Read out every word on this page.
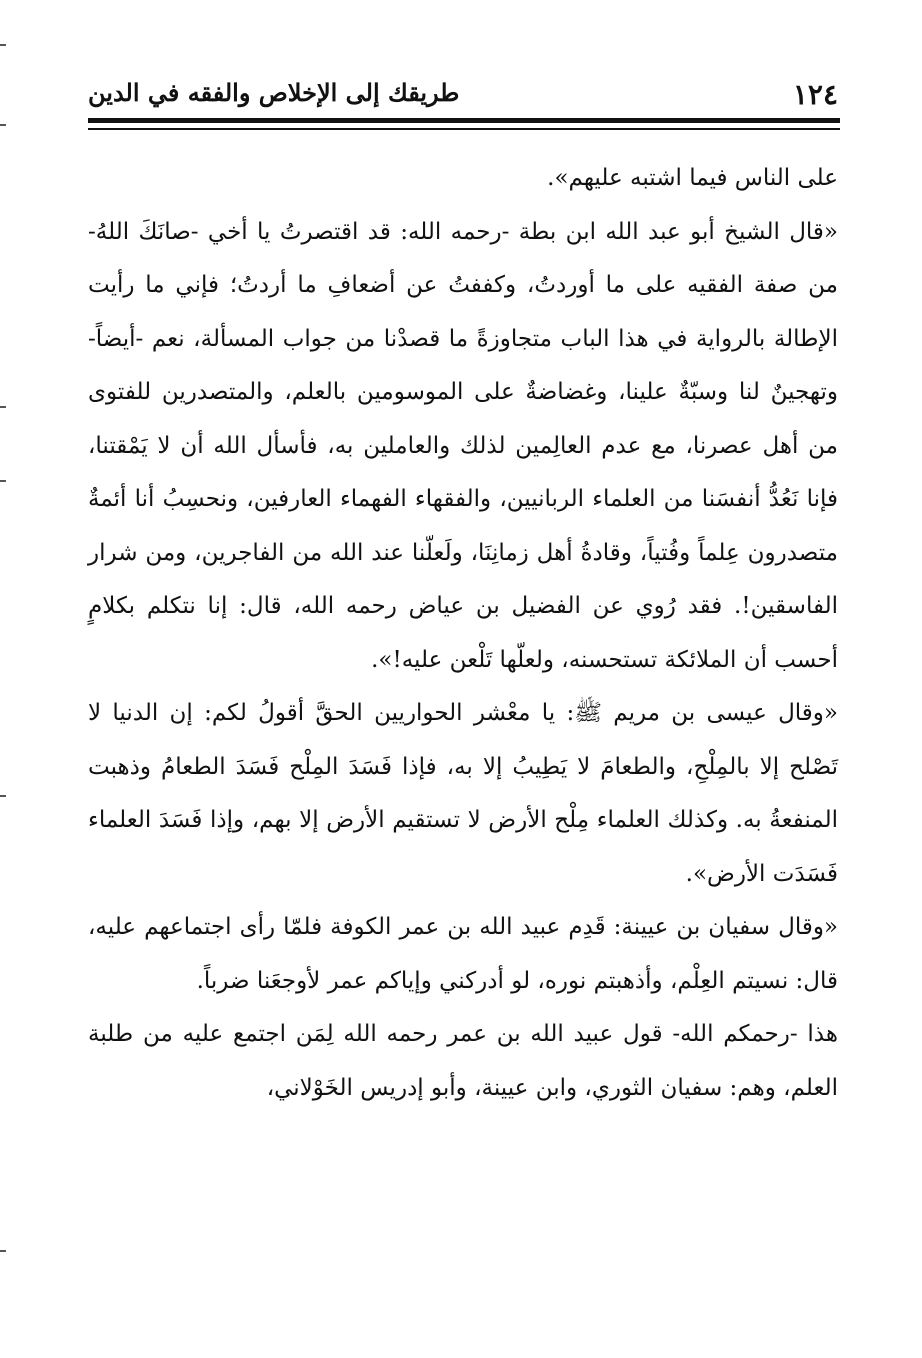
١٢٤
طريقك إلى الإخلاص والفقه في الدين

على الناس فيما اشتبه عليهم».

«قال الشيخ أبو عبد الله ابن بطة -رحمه الله: قد اقتصرتُ يا أخي -صانَكَ اللهُ- من صفة الفقيه على ما أوردتُ، وكففتُ عن أضعافِ ما أردتُ؛ فإني ما رأيت الإطالة بالرواية في هذا الباب متجاوزةً ما قصدْنا من جواب المسألة، نعم -أيضاً- وتهجينٌ لنا وسبّةٌ علينا، وغضاضةٌ على الموسومين بالعلم، والمتصدرين للفتوى من أهل عصرنا، مع عدم العالِمين لذلك والعاملين به، فأسأل الله أن لا يَمْقتنا، فإنا نَعُدُّ أنفسَنا من العلماء الربانيين، والفقهاء الفهماء العارفين، ونحسِبُ أنا أئمةٌ متصدرون عِلماً وفُتياً، وقادةُ أهل زمانِنَا، ولَعلّنا عند الله من الفاجرين، ومن شرار الفاسقين!. فقد رُوي عن الفضيل بن عياض رحمه الله، قال: إنا نتكلم بكلامٍ أحسب أن الملائكة تستحسنه، ولعلّها تَلْعن عليه!».

«وقال عيسى بن مريم ﷺ: يا معْشر الحواريين الحقَّ أقولُ لكم: إن الدنيا لا تَصْلح إلا بالمِلْحِ، والطعامَ لا يَطِيبُ إلا به، فإذا فَسَدَ المِلْح فَسَدَ الطعامُ وذهبت المنفعةُ به. وكذلك العلماء مِلْح الأرض لا تستقيم الأرض إلا بهم، وإذا فَسَدَ العلماء فَسَدَت الأرض».

«وقال سفيان بن عيينة: قَدِم عبيد الله بن عمر الكوفة فلمّا رأى اجتماعهم عليه، قال: نسيتم العِلْم، وأذهبتم نوره، لو أدركني وإياكم عمر لأوجعَنا ضرباً.

هذا -رحمكم الله- قول عبيد الله بن عمر رحمه الله لِمَن اجتمع عليه من طلبة العلم، وهم: سفيان الثوري، وابن عيينة، وأبو إدريس الخَوْلاني،
